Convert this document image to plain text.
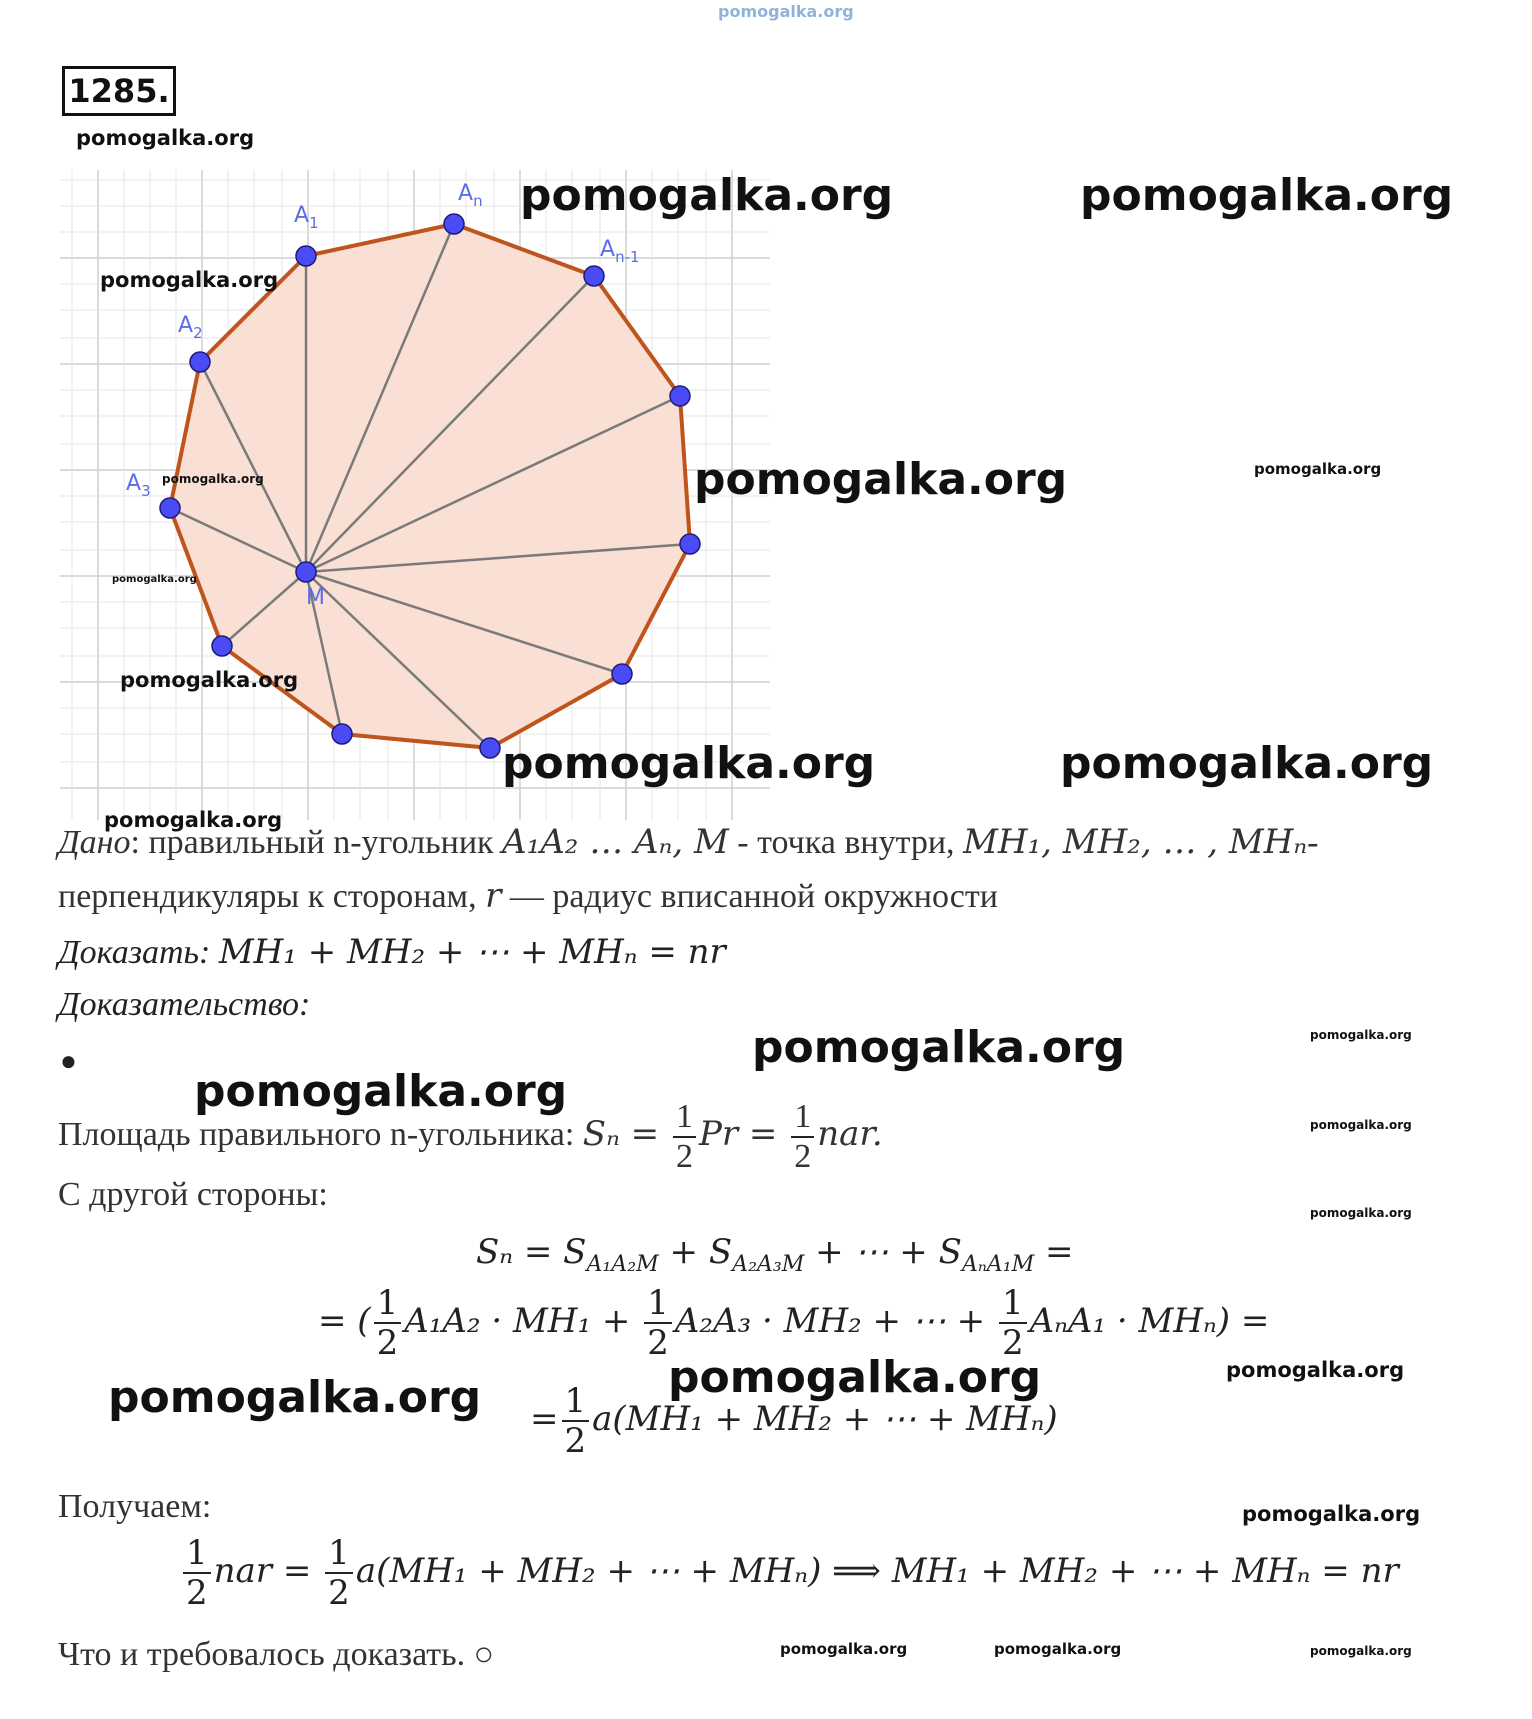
pomogalka.org
1285.
$A_1$
$A_n$
$A_{n-1}$
$A_2$
$A_3$
M
pomogalka.org
pomogalka.org	pomogalka.org
pomogalka.org
pomogalka.org	pomogalka.org
pomogalka.org
pomogalka.org
pomogalka.org
pomogalka.org	pomogalka.org
pomogalka.org
pomogalka.org	pomogalka.org
pomogalka.org
pomogalka.org
pomogalka.org
pomogalka.org
pomogalka.org
pomogalka.org
pomogalka.org
pomogalka.org	pomogalka.org	pomogalka.org
Дано: правильный n-угольник A₁A₂ … Aₙ, M - точка внутри, MH₁, MH₂, … , MHₙ-
перпендикуляры к сторонам, r — радиус вписанной окружности
Доказать: MH₁ + MH₂ + ⋯ + MHₙ = nr
Доказательство:
●
Площадь правильного n-угольника: $S_n = \frac{1}{2}$ $Pr = \frac{1}{2}$ nar.
С другой стороны:
$S_n = S_{A_1A_2M} + S_{A_2A_3M}$ + ⋯ + $S_{A_nA_1M}$ =
= ( $\frac{1}{2} A_1A_2 \cdot MH_1 + \frac{1}{2} A_2A_3 \cdot MH_2$ + ⋯ + $\frac{1}{2} A_nA_1 \cdot MH_n$) =
= $\frac{1}{2} a(MH_1 + MH_2$ + ⋯ + MHₙ)
Получаем:
$\frac{1}{2}$ nar = $\frac{1}{2} a(MH_1 + MH_2$ + ⋯ + MHₙ) ⟹ MH₁ + MH₂ + ⋯ + MHₙ = nr
Что и требовалось доказать. ○
